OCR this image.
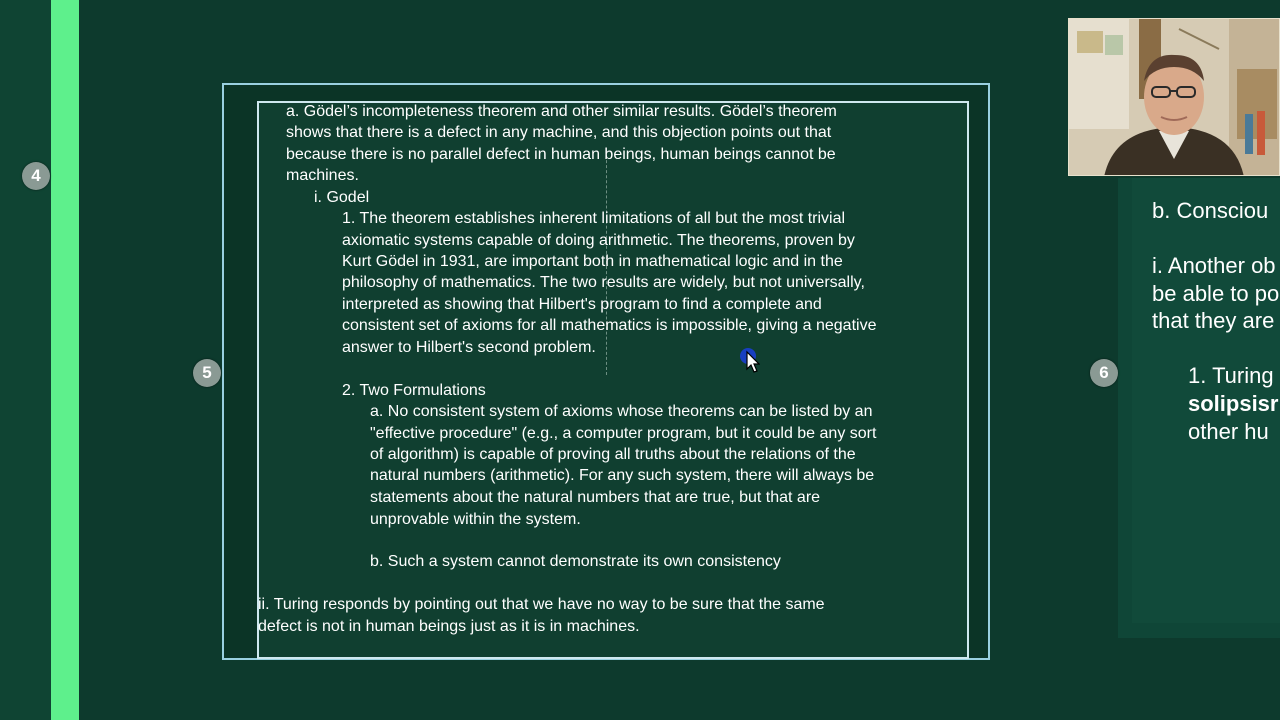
4
5
a. Gödel’s incompleteness theorem and other similar results. Gödel’s theorem
shows that there is a defect in any machine, and this objection points out that
because there is no parallel defect in human beings, human beings cannot be
machines.
i. Godel
1. The theorem establishes inherent limitations of all but the most trivial
axiomatic systems capable of doing arithmetic. The theorems, proven by
Kurt Gödel in 1931, are important both in mathematical logic and in the
philosophy of mathematics. The two results are widely, but not universally,
interpreted as showing that Hilbert's program to find a complete and
consistent set of axioms for all mathematics is impossible, giving a negative
answer to Hilbert's second problem.
2. Two Formulations
a. No consistent system of axioms whose theorems can be listed by an
"effective procedure" (e.g., a computer program, but it could be any sort
of algorithm) is capable of proving all truths about the relations of the
natural numbers (arithmetic). For any such system, there will always be
statements about the natural numbers that are true, but that are
unprovable within the system.
b. Such a system cannot demonstrate its own consistency
ii. Turing responds by pointing out that we have no way to be sure that the same
defect is not in human beings just as it is in machines.
b. Consciou
i. Another ob
be able to po
that they are
1. Turing
solipsisr
other hu
6
